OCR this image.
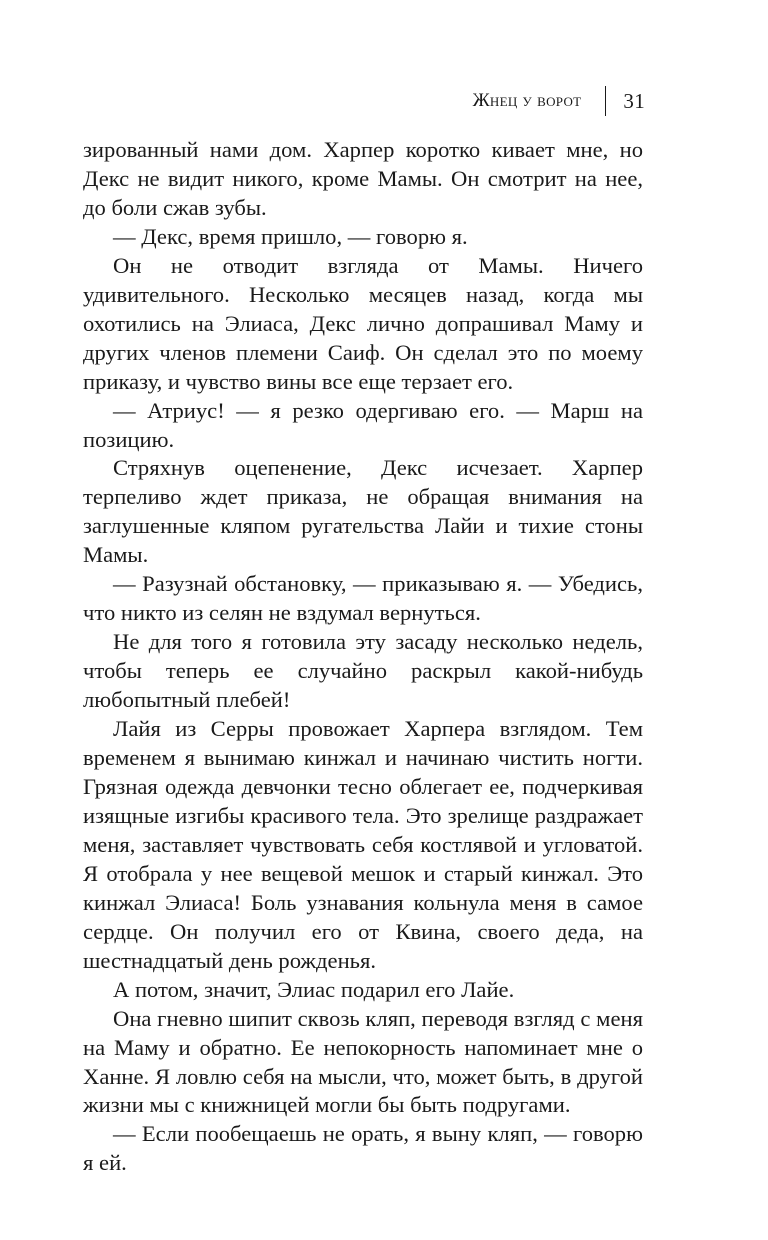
Жнец у ворот 31

зированный нами дом. Харпер коротко кивает мне, но Декс не видит никого, кроме Мамы. Он смотрит на нее, до боли сжав зубы.

— Декс, время пришло, — говорю я.

Он не отводит взгляда от Мамы. Ничего удивительного. Несколько месяцев назад, когда мы охотились на Элиаса, Декс лично допрашивал Маму и других членов племени Саиф. Он сделал это по моему приказу, и чувство вины все еще терзает его.

— Атриус! — я резко одергиваю его. — Марш на позицию.

Стряхнув оцепенение, Декс исчезает. Харпер терпеливо ждет приказа, не обращая внимания на заглушенные кляпом ругательства Лайи и тихие стоны Мамы.

— Разузнай обстановку, — приказываю я. — Убедись, что никто из селян не вздумал вернуться.

Не для того я готовила эту засаду несколько недель, чтобы теперь ее случайно раскрыл какой-нибудь любопытный плебей!

Лайя из Серры провожает Харпера взглядом. Тем временем я вынимаю кинжал и начинаю чистить ногти. Грязная одежда девчонки тесно облегает ее, подчеркивая изящные изгибы красивого тела. Это зрелище раздражает меня, заставляет чувствовать себя костлявой и угловатой. Я отобрала у нее вещевой мешок и старый кинжал. Это кинжал Элиаса! Боль узнавания кольнула меня в самое сердце. Он получил его от Квина, своего деда, на шестнадцатый день рожденья.

А потом, значит, Элиас подарил его Лайе.

Она гневно шипит сквозь кляп, переводя взгляд с меня на Маму и обратно. Ее непокорность напоминает мне о Ханне. Я ловлю себя на мысли, что, может быть, в другой жизни мы с книжницей могли бы быть подругами.

— Если пообещаешь не орать, я выну кляп, — говорю я ей.
